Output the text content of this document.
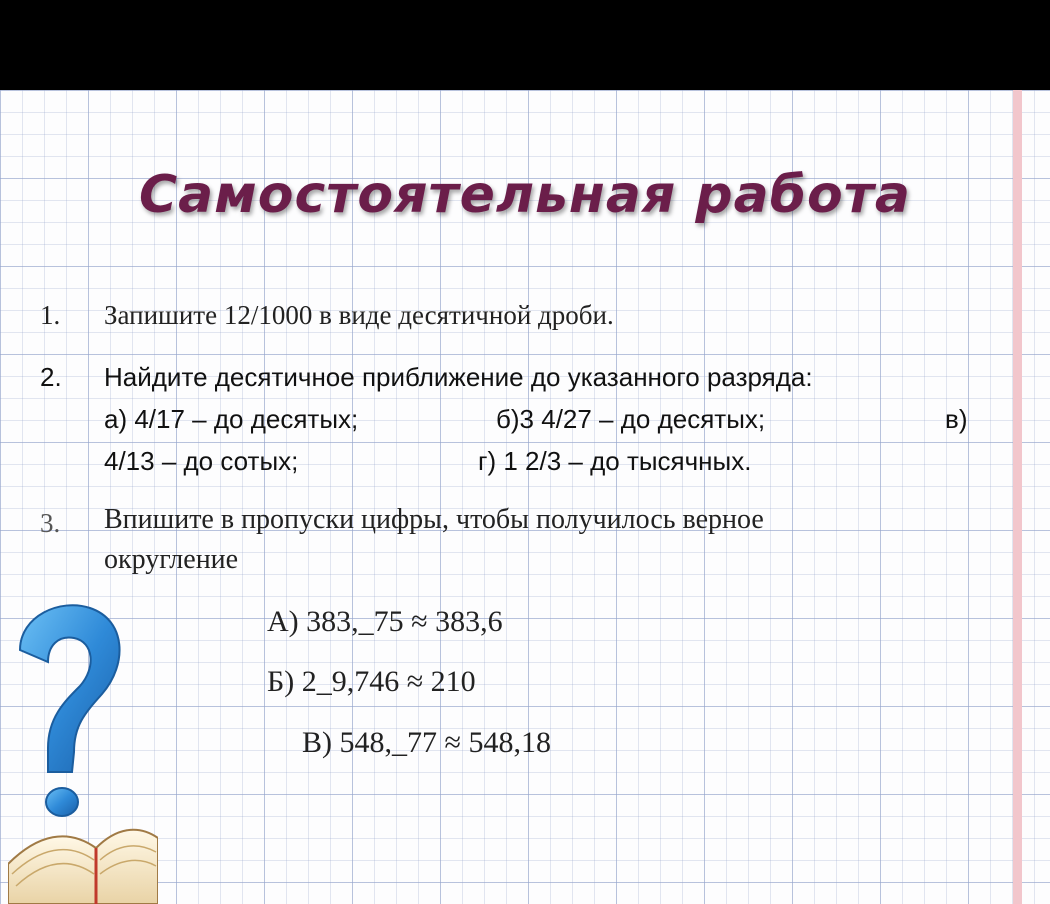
Самостоятельная работа
1. Запишите 12/1000 в виде десятичной дроби.
2. Найдите десятичное приближение до указанного разряда:
а) 4/17 – до десятых;	б)3 4/27 – до десятых;	в)
4/13 – до сотых;	г) 1 2/3 – до тысячных.
3. Впишите в пропуски цифры, чтобы получилось верное
округление
А) 383,_75 ≈ 383,6
Б) 2_9,746 ≈ 210
В) 548,_77 ≈ 548,18
